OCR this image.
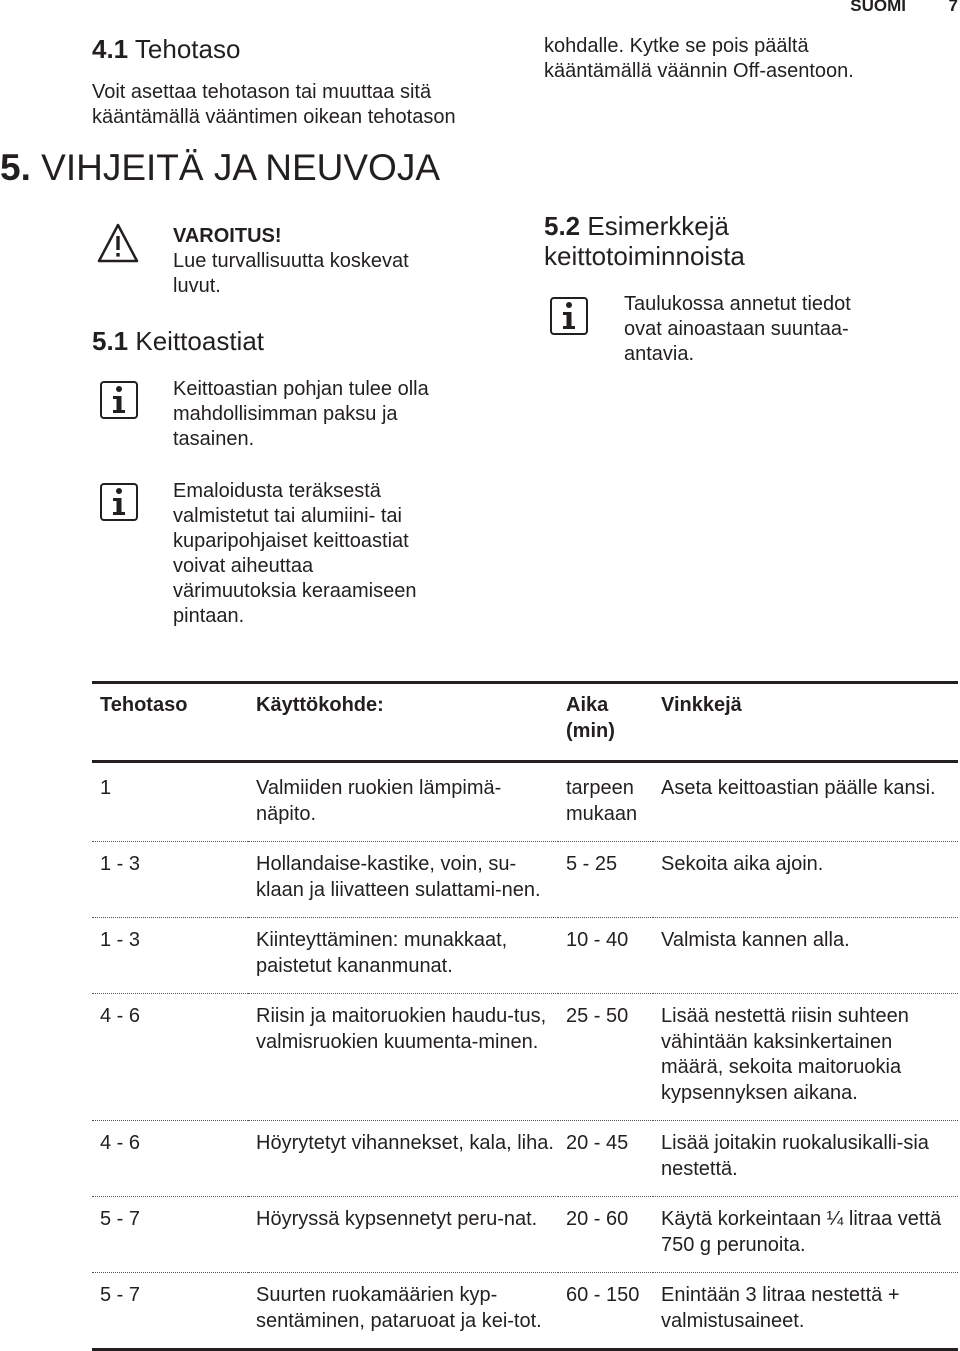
SUOMI	7
4.1 Tehotaso
Voit asettaa tehotason tai muuttaa sitä
kääntämällä vääntimen oikean tehotason
kohdalle. Kytke se pois päältä
kääntämällä väännin Off-asentoon.
5. VIHJEITÄ JA NEUVOJA
VAROITUS!
Lue turvallisuutta koskevat
luvut.
5.1 Keittoastiat
Keittoastian pohjan tulee olla
mahdollisimman paksu ja
tasainen.
Emaloidusta teräksestä
valmistetut tai alumiini- tai
kuparipohjaiset keittoastiat
voivat aiheuttaa
värimuutoksia keraamiseen
pintaan.
5.2 Esimerkkejä
keittotoiminnoista
Taulukossa annetut tiedot
ovat ainoastaan suuntaa-
antavia.
Tehotaso	Käyttökohde:	Aika (min)	Vinkkejä
1	Valmiiden ruokien lämpimä-näpito.	tarpeen mukaan	Aseta keittoastian päälle kansi.
1 - 3	Hollandaise-kastike, voin, su-klaan ja liivatteen sulattami-nen.	5 - 25	Sekoita aika ajoin.
1 - 3	Kiinteyttäminen: munakkaat, paistetut kananmunat.	10 - 40	Valmista kannen alla.
4 - 6	Riisin ja maitoruokien haudu-tus, valmisruokien kuumenta-minen.	25 - 50	Lisää nestettä riisin suhteen vähintään kaksinkertainen määrä, sekoita maitoruokia kypsennyksen aikana.
4 - 6	Höyrytetyt vihannekset, kala, liha.	20 - 45	Lisää joitakin ruokalusikalli-sia nestettä.
5 - 7	Höyryssä kypsennetyt peru-nat.	20 - 60	Käytä korkeintaan ¼ litraa vettä 750 g perunoita.
5 - 7	Suurten ruokamäärien kyp-sentäminen, pataruoat ja kei-tot.	60 - 150	Enintään 3 litraa nestettä + valmistusaineet.
